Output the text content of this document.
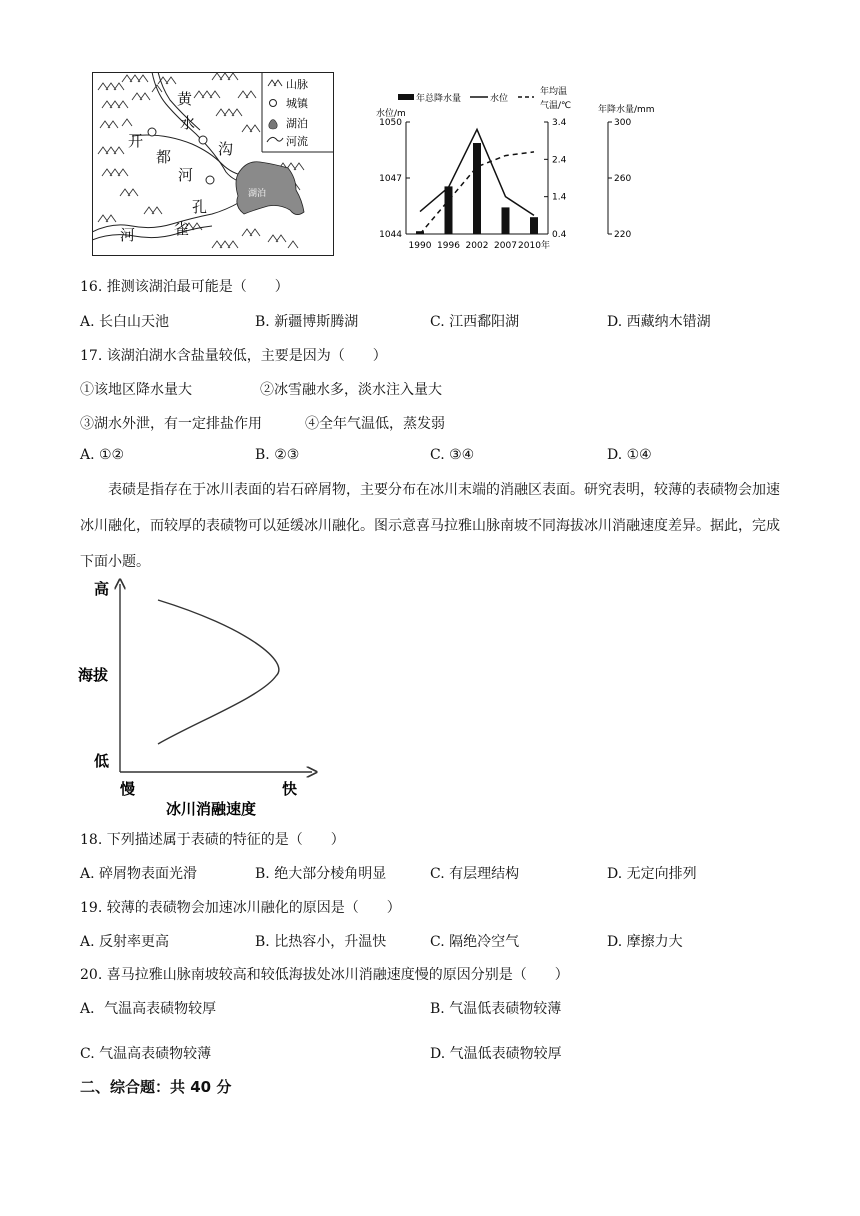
山脉
城镇
湖泊
河流
湖泊
黄
水
沟
开
都
河
孔
雀
河
年总降水量	水位
年均温
水位/m
气温/℃	年降水量/mm
1050
1047
1044
3.4
2.4
1.4
0.4
300
260
220
1990 1996 2002 2007 2010年
16. 推测该湖泊最可能是（　　）
A. 长白山天池	B. 新疆博斯腾湖	C. 江西鄱阳湖	D. 西藏纳木错湖
17. 该湖泊湖水含盐量较低，主要是因为（　　）
①该地区降水量大	②冰雪融水多，淡水注入量大
③湖水外泄，有一定排盐作用	④全年气温低，蒸发弱
A. ①②	B. ②③	C. ③④	D. ①④
表碛是指存在于冰川表面的岩石碎屑物，主要分布在冰川末端的消融区表面。研究表明，较薄的表碛物会加速冰川融化，而较厚的表碛物可以延缓冰川融化。图示意喜马拉雅山脉南坡不同海拔冰川消融速度差异。据此，完成下面小题。
高
海拔
低
慢	快
冰川消融速度
18. 下列描述属于表碛的特征的是（　　）
A. 碎屑物表面光滑	B. 绝大部分棱角明显	C. 有层理结构	D. 无定向排列
19. 较薄的表碛物会加速冰川融化的原因是（　　）
A. 反射率更高	B. 比热容小，升温快	C. 隔绝冷空气	D. 摩擦力大
20. 喜马拉雅山脉南坡较高和较低海拔处冰川消融速度慢的原因分别是（　　）
A．气温高表碛物较厚	B. 气温低表碛物较薄
C. 气温高表碛物较薄	D. 气温低表碛物较厚
二、综合题：共 40 分
